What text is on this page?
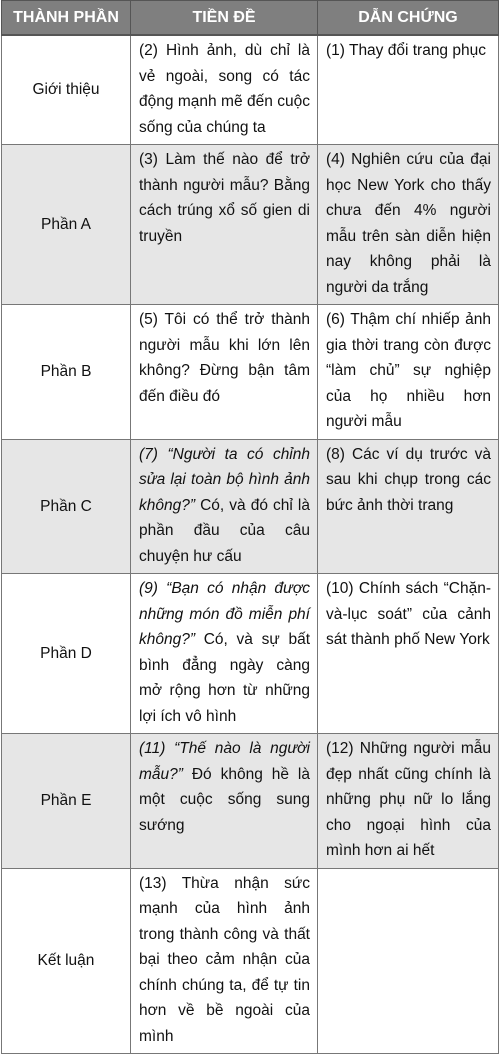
THÀNH PHẦN	TIỀN ĐỀ	DẪN CHỨNG
Giới thiệu	(2) Hình ảnh, dù chỉ là vẻ ngoài, song có tác động mạnh mẽ đến cuộc sống của chúng ta	(1) Thay đổi trang phục
Phần A	(3) Làm thế nào để trở thành người mẫu? Bằng cách trúng xổ số gien di truyền	(4) Nghiên cứu của đại học New York cho thấy chưa đến 4% người mẫu trên sàn diễn hiện nay không phải là người da trắng
Phần B	(5) Tôi có thể trở thành người mẫu khi lớn lên không? Đừng bận tâm đến điều đó	(6) Thậm chí nhiếp ảnh gia thời trang còn được “làm chủ” sự nghiệp của họ nhiều hơn người mẫu
Phần C	(7) “Người ta có chỉnh sửa lại toàn bộ hình ảnh không?” Có, và đó chỉ là phần đầu của câu chuyện hư cấu	(8) Các ví dụ trước và sau khi chụp trong các bức ảnh thời trang
Phần D	(9) “Bạn có nhận được những món đồ miễn phí không?” Có, và sự bất bình đẳng ngày càng mở rộng hơn từ những lợi ích vô hình	(10) Chính sách “Chặn-và-lục soát” của cảnh sát thành phố New York
Phần E	(11) “Thế nào là người mẫu?” Đó không hề là một cuộc sống sung sướng	(12) Những người mẫu đẹp nhất cũng chính là những phụ nữ lo lắng cho ngoại hình của mình hơn ai hết
Kết luận	(13) Thừa nhận sức mạnh của hình ảnh trong thành công và thất bại theo cảm nhận của chính chúng ta, để tự tin hơn về bề ngoài của mình	
